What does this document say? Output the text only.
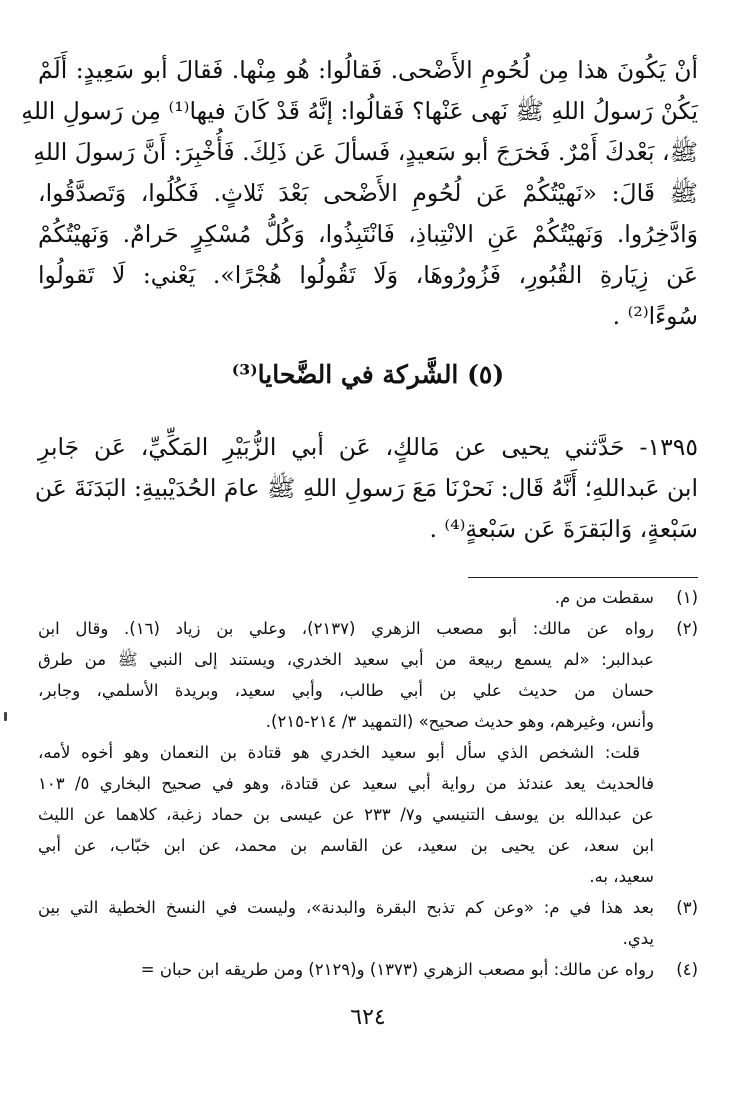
أنْ يَكُونَ هذا مِن لُحُومِ الأَضْحى. فَقالُوا: هُو مِنْها. فَقالَ أبو سَعِيدٍ: أَلَمْ
يَكُنْ رَسولُ اللهِ ﷺ نَهى عَنْها؟ فَقالُوا: إنَّهُ قَدْ كَانَ فيها⁽¹⁾ مِن رَسولِ اللهِ
ﷺ، بَعْدكَ أَمْرٌ. فَخرَجَ أبو سَعيدٍ، فَسألَ عَن ذَلِكَ. فَأُخْبِرَ: أَنَّ رَسولَ اللهِ
ﷺ قَالَ: «نَهيْتُكُمْ عَن لُحُومِ الأَضْحى بَعْدَ ثَلاثٍ. فَكُلُوا، وَتَصدَّقُوا،
وَادَّخِرُوا. وَنَهيْتُكُمْ عَنِ الانْتِباذِ، فَانْتَبِذُوا، وَكُلُّ مُسْكِرٍ حَرامٌ. وَنَهيْتُكُمْ
عَن زِيَارةِ القُبُورِ، فَزُورُوهَا، وَلَا تَقُولُوا هُجْرًا». يَعْني: لَا تَقولُوا
سُوءًا⁽²⁾ .

(٥) الشَّركة في الضَّحايا⁽³⁾

١٣٩٥- حَدَّثني يحيى عن مَالكٍ، عَن أبي الزُّبَيْرِ المَكِّيِّ، عَن جَابرِ
ابن عَبداللهِ؛ أَنَّهُ قَال: نَحرْنَا مَعَ رَسولِ اللهِ ﷺ عامَ الحُدَيْبيةِ: البَدَنَةَ عَن
سَبْعةٍ، وَالبَقرَةَ عَن سَبْعةٍ⁽⁴⁾ .

(١)
سقطت من م.
(٢)
رواه عن مالك: أبو مصعب الزهري (٢١٣٧)، وعلي بن زياد (١٦). وقال ابن
عبدالبر: «لم يسمع ربيعة من أبي سعيد الخدري، ويستند إلى النبي ﷺ من طرق
حسان من حديث علي بن أبي طالب، وأبي سعيد، وبريدة الأسلمي، وجابر،
وأنس، وغيرهم، وهو حديث صحيح» (التمهيد ٣/ ٢١٤-٢١٥).
قلت: الشخص الذي سأل أبو سعيد الخدري هو قتادة بن النعمان وهو أخوه لأمه،
فالحديث يعد عندئذ من رواية أبي سعيد عن قتادة، وهو في صحيح البخاري ٥/ ١٠٣
عن عبدالله بن يوسف التنيسي و٧/ ٢٣٣ عن عيسى بن حماد زغبة، كلاهما عن الليث
ابن سعد، عن يحيى بن سعيد، عن القاسم بن محمد، عن ابن خبّاب، عن أبي
سعيد، به.
(٣)
بعد هذا في م: «وعن كم تذبح البقرة والبدنة»، وليست في النسخ الخطية التي بين
يدي.
(٤)
رواه عن مالك: أبو مصعب الزهري (١٣٧٣) و(٢١٢٩) ومن طريقه ابن حبان =
٦٢٤
